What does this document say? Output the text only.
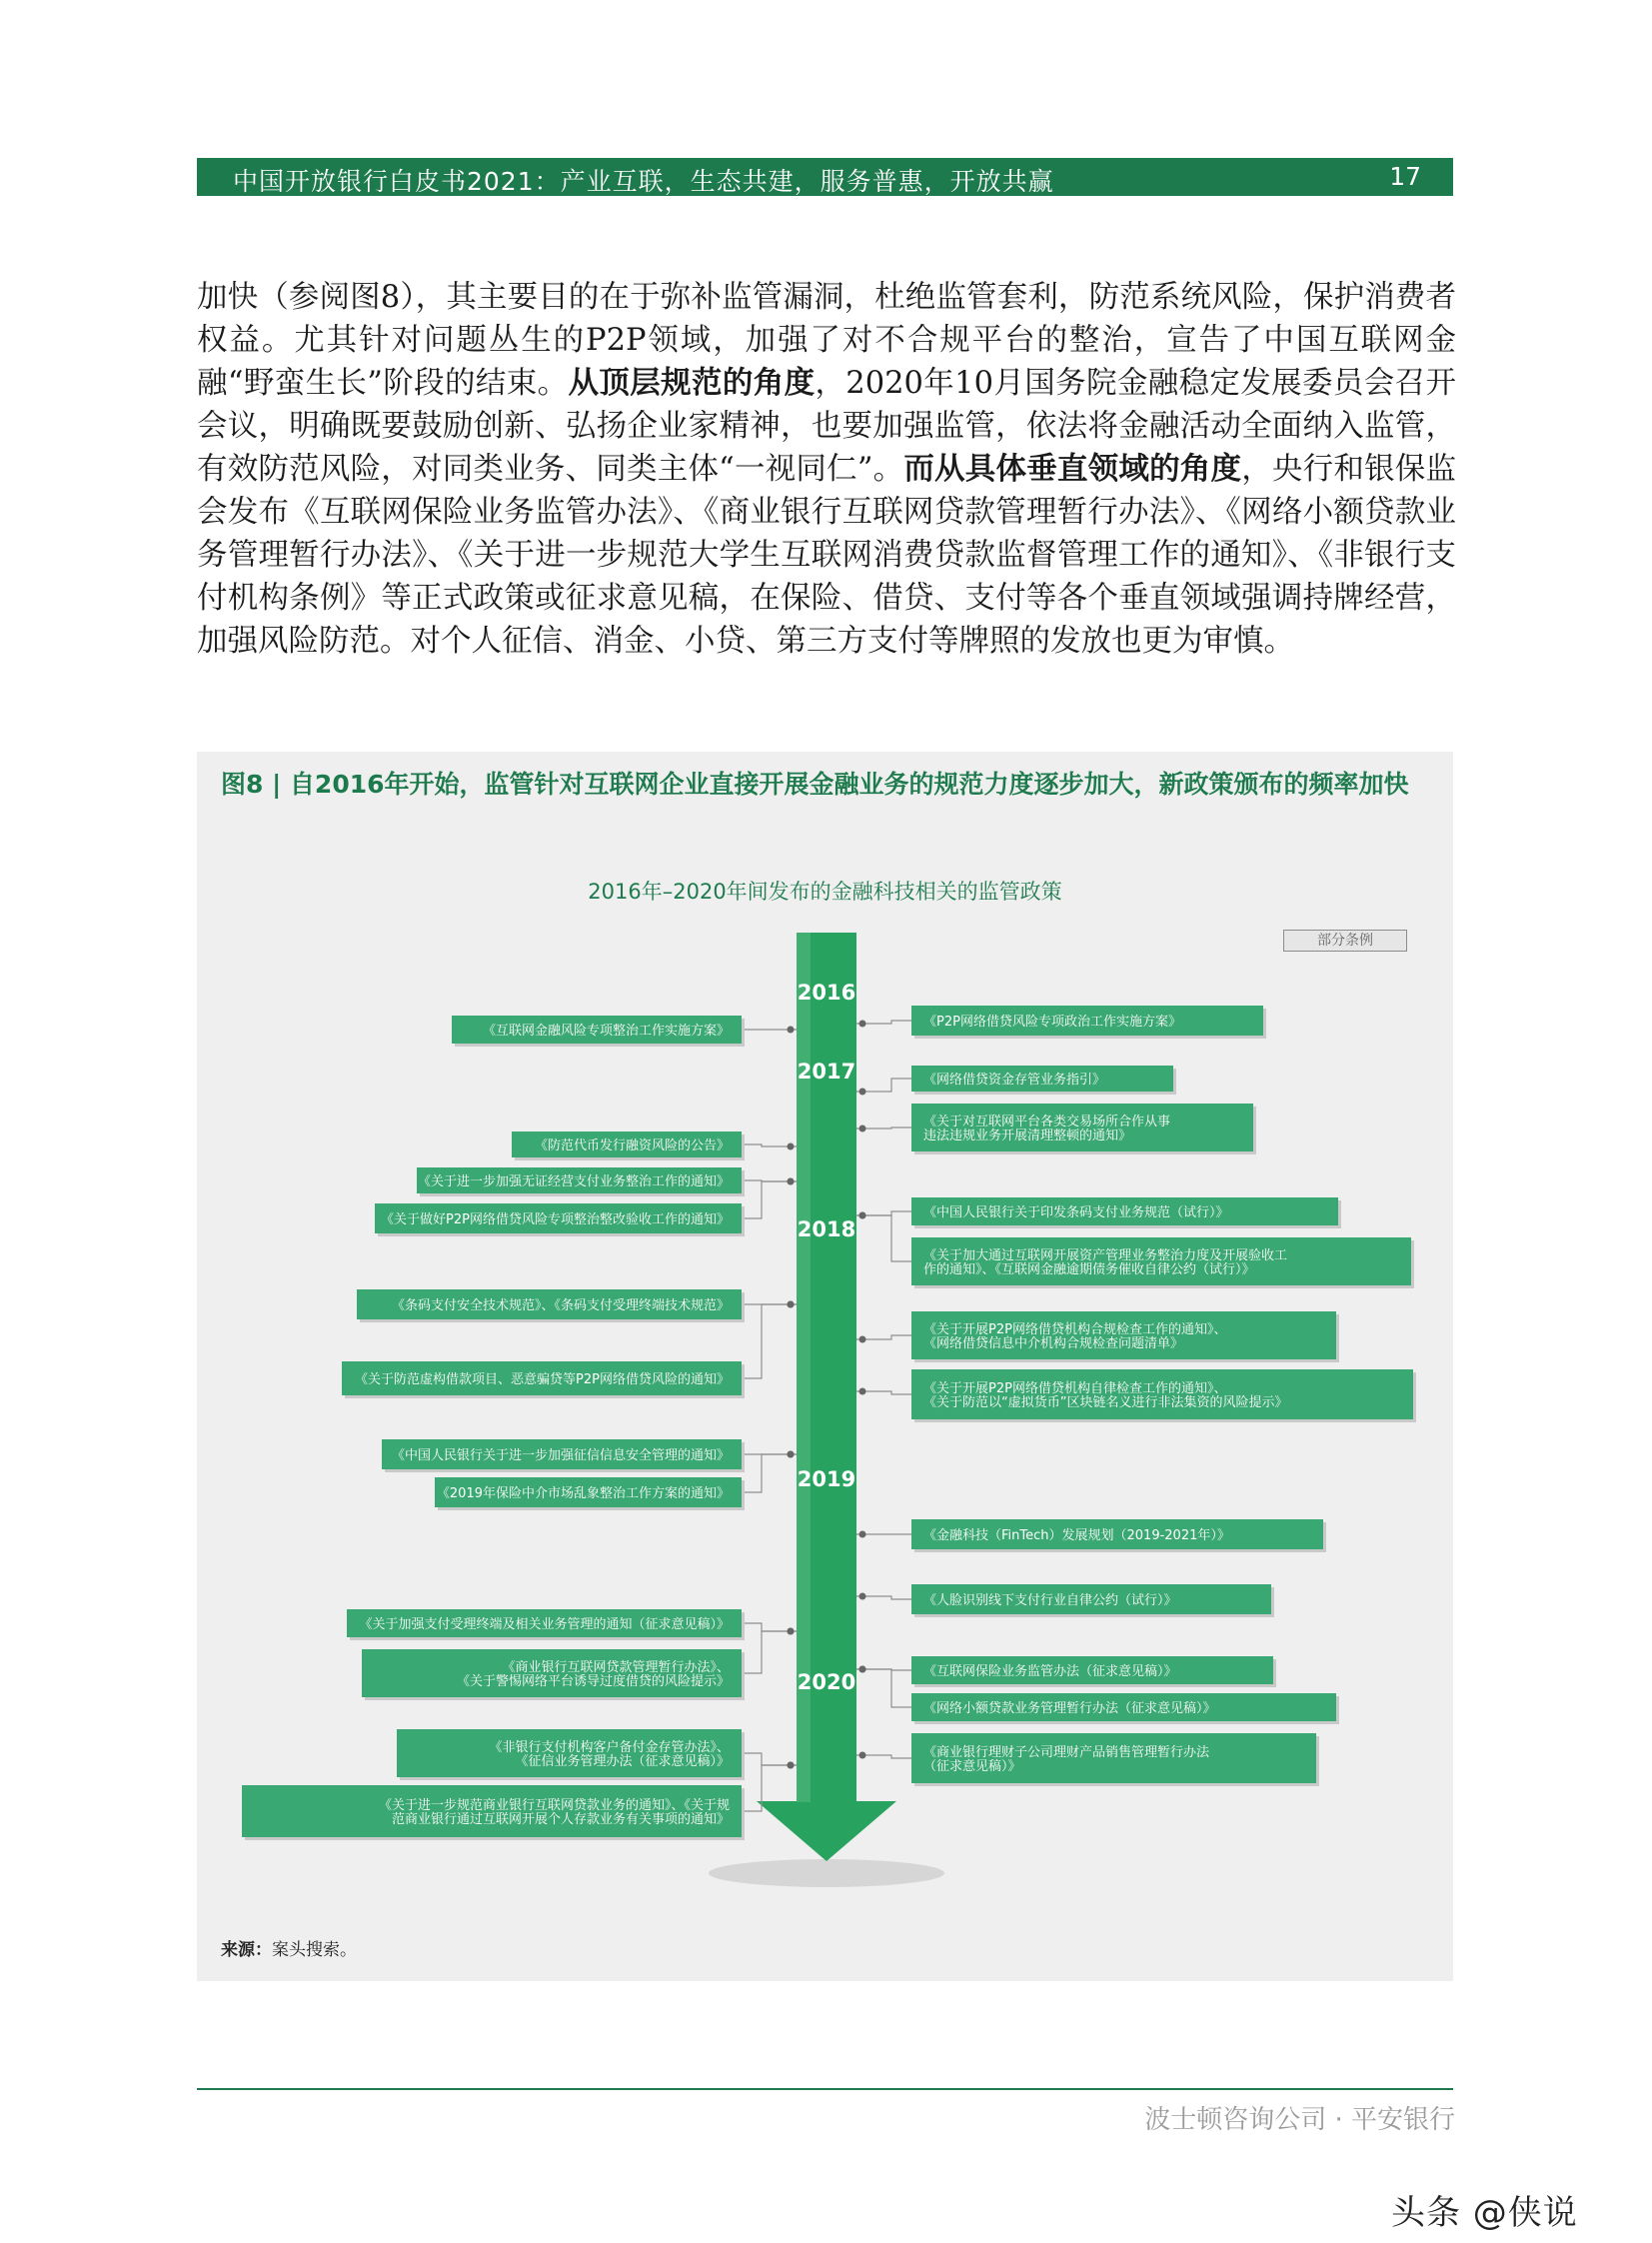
中国开放银行白皮书2021：产业互联，生态共建，服务普惠，开放共赢	17
加快（参阅图8），其主要目的在于弥补监管漏洞，杜绝监管套利，防范系统风险，保护消费者权益。尤其针对问题丛生的P2P领域，加强了对不合规平台的整治，宣告了中国互联网金融“野蛮生长”阶段的结束。从顶层规范的角度，2020年10月国务院金融稳定发展委员会召开会议，明确既要鼓励创新、弘扬企业家精神，也要加强监管，依法将金融活动全面纳入监管，有效防范风险，对同类业务、同类主体“一视同仁”。而从具体垂直领域的角度，央行和银保监会发布《互联网保险业务监管办法》、《商业银行互联网贷款管理暂行办法》、《网络小额贷款业务管理暂行办法》、《关于进一步规范大学生互联网消费贷款监督管理工作的通知》、《非银行支付机构条例》等正式政策或征求意见稿，在保险、借贷、支付等各个垂直领域强调持牌经营，加强风险防范。对个人征信、消金、小贷、第三方支付等牌照的发放也更为审慎。
图8 | 自2016年开始，监管针对互联网企业直接开展金融业务的规范力度逐步加大，新政策颁布的频率加快
2016年–2020年间发布的金融科技相关的监管政策
部分条例
2016
2017
2018
2019
2020
《互联网金融风险专项整治工作实施方案》
《防范代币发行融资风险的公告》
《关于进一步加强无证经营支付业务整治工作的通知》
《关于做好P2P网络借贷风险专项整治整改验收工作的通知》
《条码支付安全技术规范》、《条码支付受理终端技术规范》
《关于防范虚构借款项目、恶意骗贷等P2P网络借贷风险的通知》
《中国人民银行关于进一步加强征信信息安全管理的通知》
《2019年保险中介市场乱象整治工作方案的通知》
《关于加强支付受理终端及相关业务管理的通知（征求意见稿）》
《商业银行互联网贷款管理暂行办法》、
《关于警惕网络平台诱导过度借贷的风险提示》
《非银行支付机构客户备付金存管办法》、
《征信业务管理办法（征求意见稿）》
《关于进一步规范商业银行互联网贷款业务的通知》、《关于规
范商业银行通过互联网开展个人存款业务有关事项的通知》
《P2P网络借贷风险专项政治工作实施方案》
《网络借贷资金存管业务指引》
《关于对互联网平台各类交易场所合作从事
违法违规业务开展清理整顿的通知》
《中国人民银行关于印发条码支付业务规范（试行）》
《关于加大通过互联网开展资产管理业务整治力度及开展验收工
作的通知》、《互联网金融逾期债务催收自律公约（试行）》
《关于开展P2P网络借贷机构合规检查工作的通知》、
《网络借贷信息中介机构合规检查问题清单》
《关于开展P2P网络借贷机构自律检查工作的通知》、
《关于防范以“虚拟货币”区块链名义进行非法集资的风险提示》
《金融科技（FinTech）发展规划（2019-2021年）》
《人脸识别线下支付行业自律公约（试行）》
《互联网保险业务监管办法（征求意见稿）》
《网络小额贷款业务管理暂行办法（征求意见稿）》
《商业银行理财子公司理财产品销售管理暂行办法
（征求意见稿）》
来源：案头搜索。
波士顿咨询公司 · 平安银行
头条 @侠说
